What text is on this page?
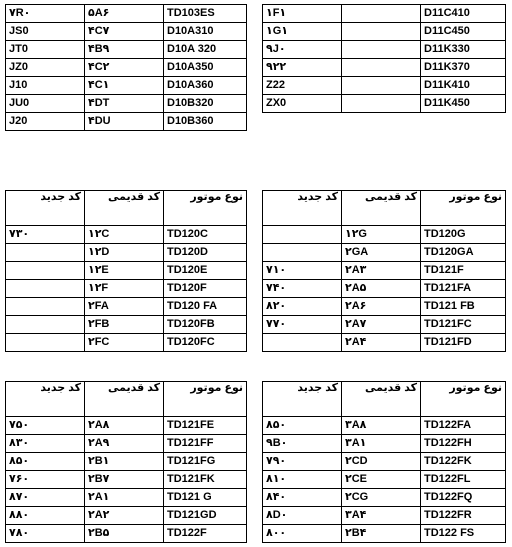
۷R۰	۵A۶	TD103ES
JS0	۴C۷	D10A310
JT0	۴B۹	D10A 320
JZ0	۴C۲	D10A350
J10	۴C۱	D10A360
JU0	۴DT	D10B320
J20	۴DU	D10B360
۱F۱		D11C410
۱G۱		D11C450
۹J۰		D11K330
۹۲۲		D11K370
Z22		D11K410
ZX0		D11K450
کد جدید	کد قدیمی	نوع موتور
۷۳۰	۱۲C	TD120C
	۱۲D	TD120D
	۱۲E	TD120E
	۱۲F	TD120F
	۲FA	TD120 FA
	۲FB	TD120FB
	۲FC	TD120FC
کد جدید	کد قدیمی	نوع موتور
	۱۲G	TD120G
	۲GA	TD120GA
۷۱۰	۲A۳	TD121F
۷۴۰	۲A۵	TD121FA
۸۲۰	۲A۶	TD121 FB
۷۷۰	۲A۷	TD121FC
	۲A۴	TD121FD
کد جدید	کد قدیمی	نوع موتور
۷۵۰	۲A۸	TD121FE
۸۳۰	۲A۹	TD121FF
۸۵۰	۲B۱	TD121FG
۷۶۰	۲B۷	TD121FK
۸۷۰	۲A۱	TD121 G
۸۸۰	۲A۲	TD121GD
۷۸۰	۲B۵	TD122F
کد جدید	کد قدیمی	نوع موتور
۸۵۰	۳A۸	TD122FA
۹B۰	۳A۱	TD122FH
۷۹۰	۲CD	TD122FK
۸۱۰	۲CE	TD122FL
۸۴۰	۲CG	TD122FQ
۸D۰	۳A۴	TD122FR
۸۰۰	۲B۴	TD122 FS
